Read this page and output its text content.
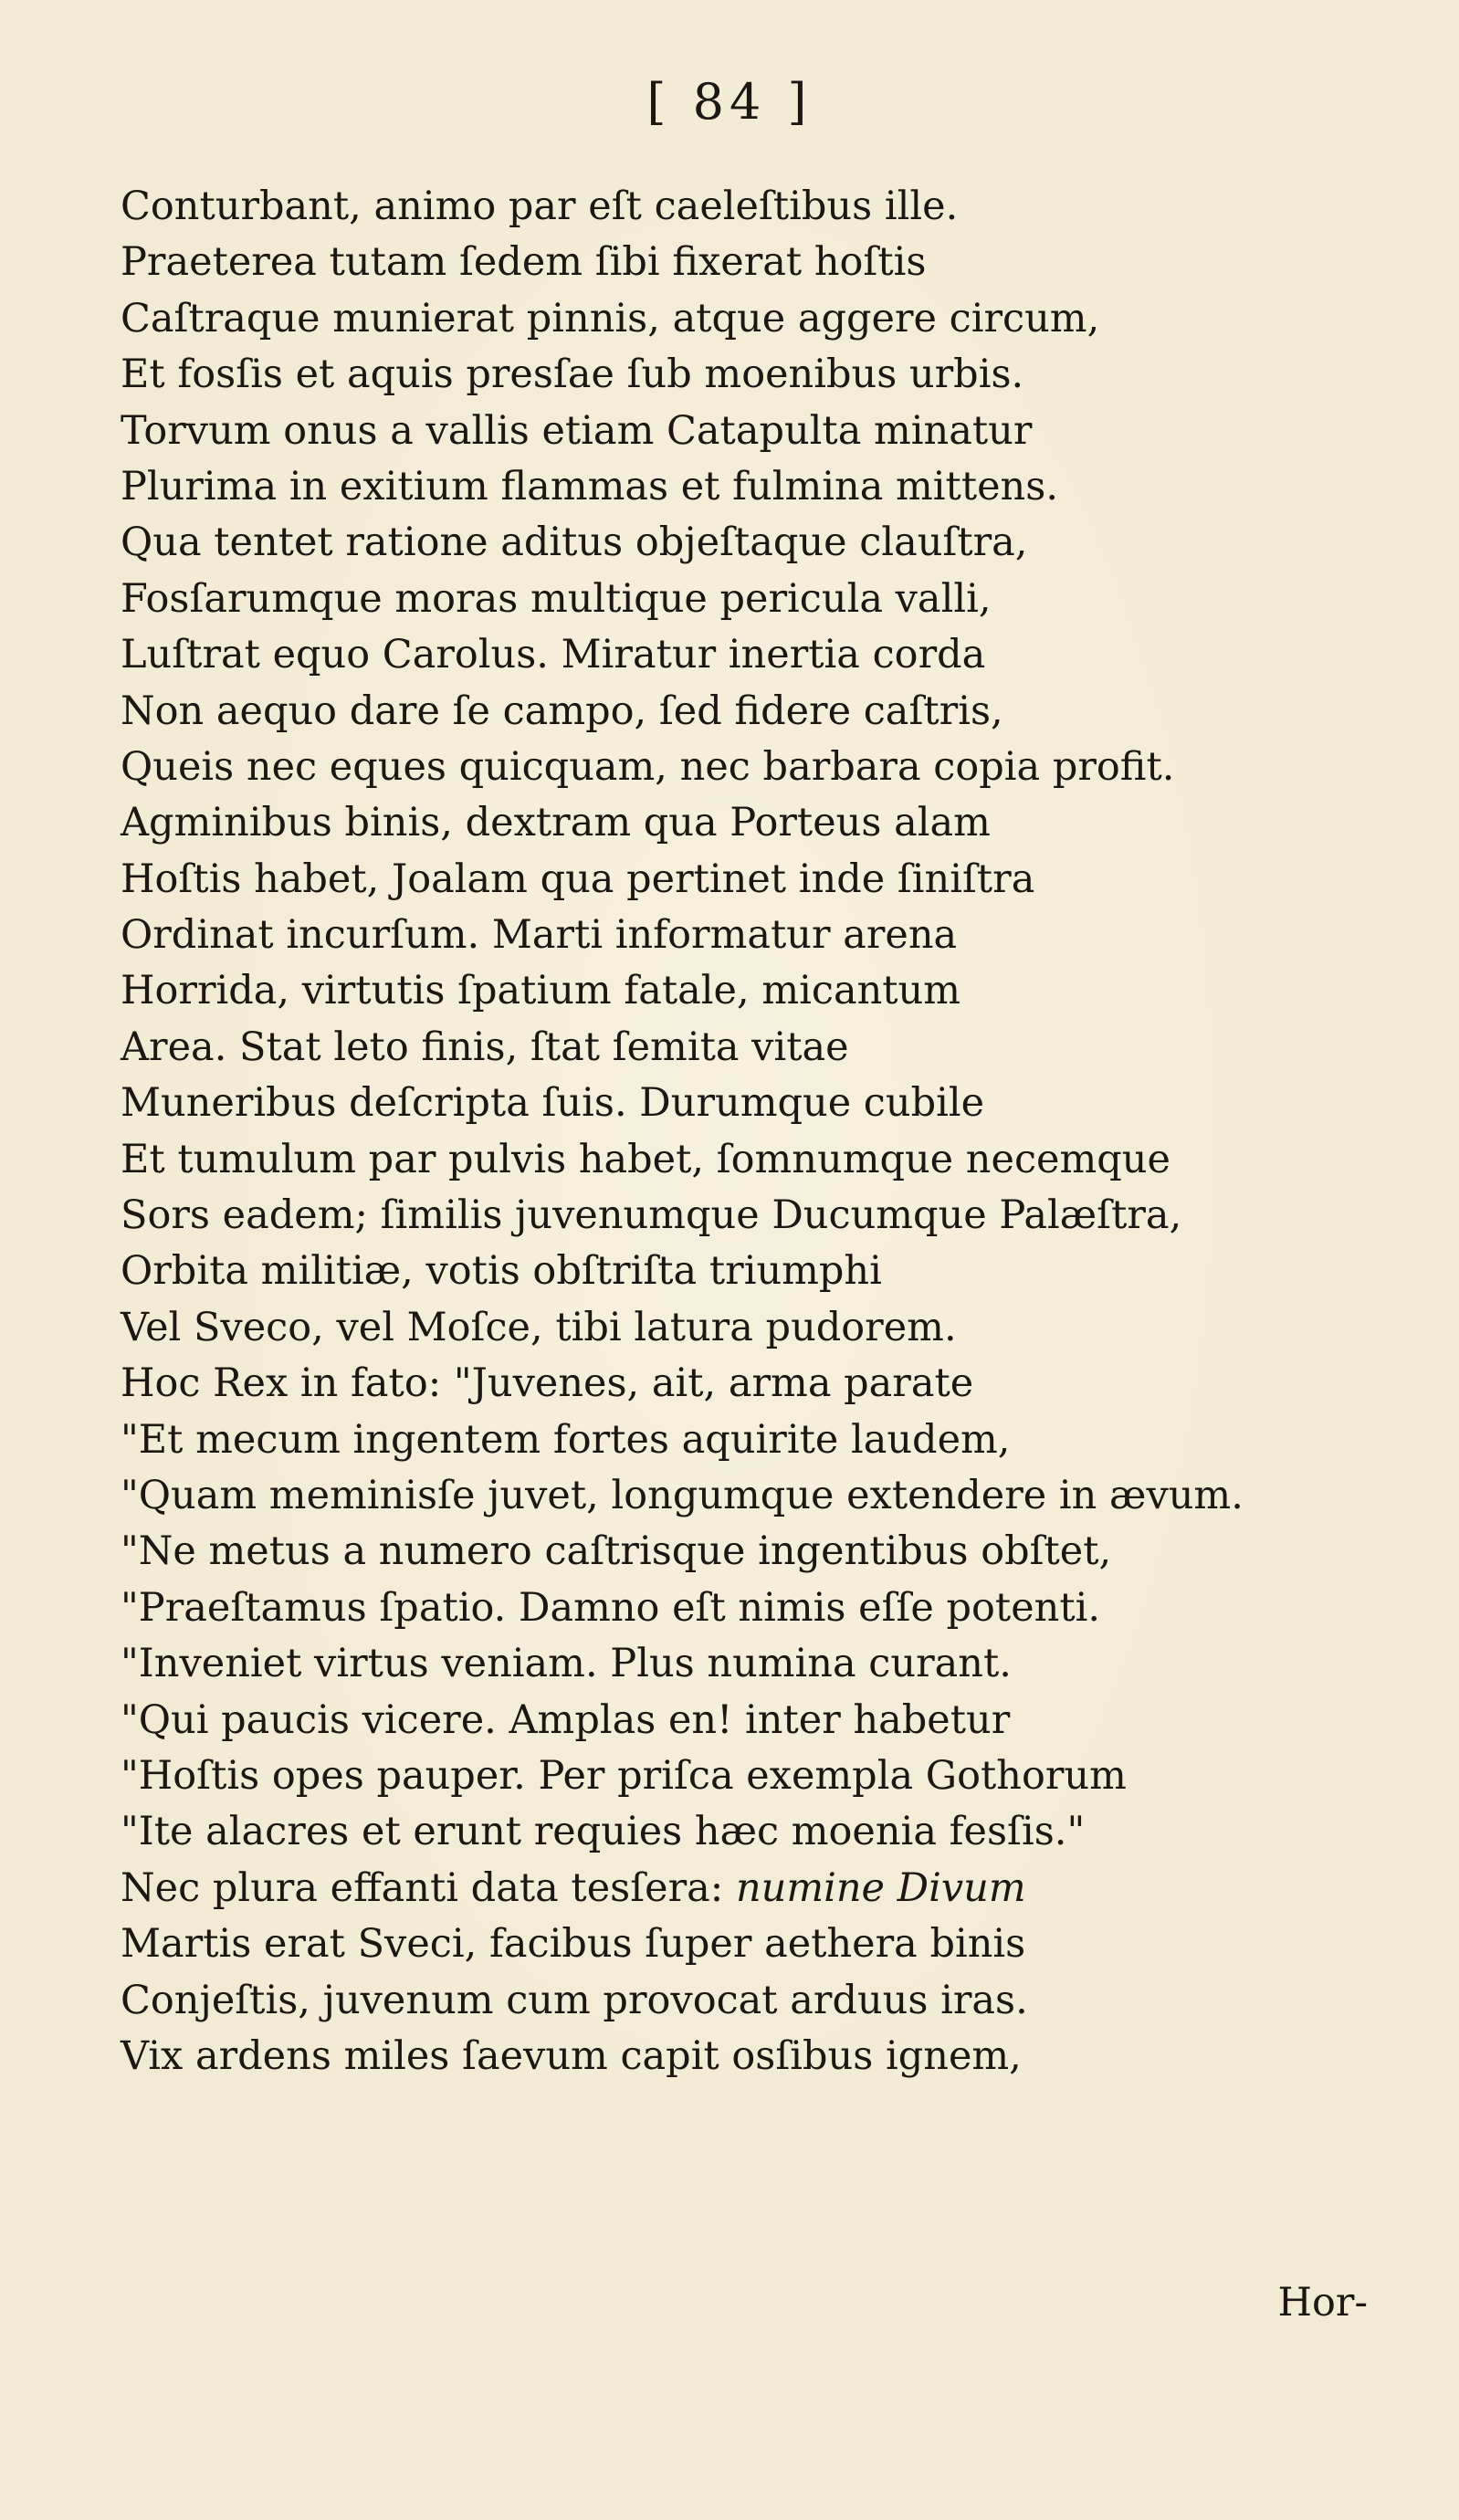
[ 84 ]
Conturbant, animo par eſt caeleſtibus ille.
Praeterea tutam ſedem ſibi fixerat hoſtis
Caſtraque munierat pinnis, atque aggere circum,
Et fosſis et aquis presſae ſub moenibus urbis.
Torvum onus a vallis etiam Catapulta minatur
Plurima in exitium flammas et fulmina mittens.
Qua tentet ratione aditus objeſtaque clauſtra,
Fosſarumque moras multique pericula valli,
Luſtrat equo Carolus. Miratur inertia corda
Non aequo dare ſe campo, ſed fidere caſtris,
Queis nec eques quicquam, nec barbara copia profit.
Agminibus binis, dextram qua Porteus alam
Hoſtis habet, Joalam qua pertinet inde ſiniſtra
Ordinat incurſum. Marti informatur arena
Horrida, virtutis ſpatium fatale, micantum
Area. Stat leto finis, ſtat ſemita vitae
Muneribus deſcripta ſuis. Durumque cubile
Et tumulum par pulvis habet, ſomnumque necemque
Sors eadem; ſimilis juvenumque Ducumque Palæſtra,
Orbita militiæ, votis obſtriſta triumphi
Vel Sveco, vel Moſce, tibi latura pudorem.
Hoc Rex in fato: "Juvenes, ait, arma parate
"Et mecum ingentem fortes aquirite laudem,
"Quam meminisſe juvet, longumque extendere in ævum.
"Ne metus a numero caſtrisque ingentibus obſtet,
"Praeſtamus ſpatio. Damno eſt nimis eſſe potenti.
"Inveniet virtus veniam. Plus numina curant.
"Qui paucis vicere. Amplas en! inter habetur
"Hoſtis opes pauper. Per priſca exempla Gothorum
"Ite alacres et erunt requies hæc moenia fesſis."
Nec plura effanti data tesſera: numine Divum
Martis erat Sveci, facibus ſuper aethera binis
Conjeſtis, juvenum cum provocat arduus iras.
Vix ardens miles ſaevum capit osſibus ignem,
Hor-
